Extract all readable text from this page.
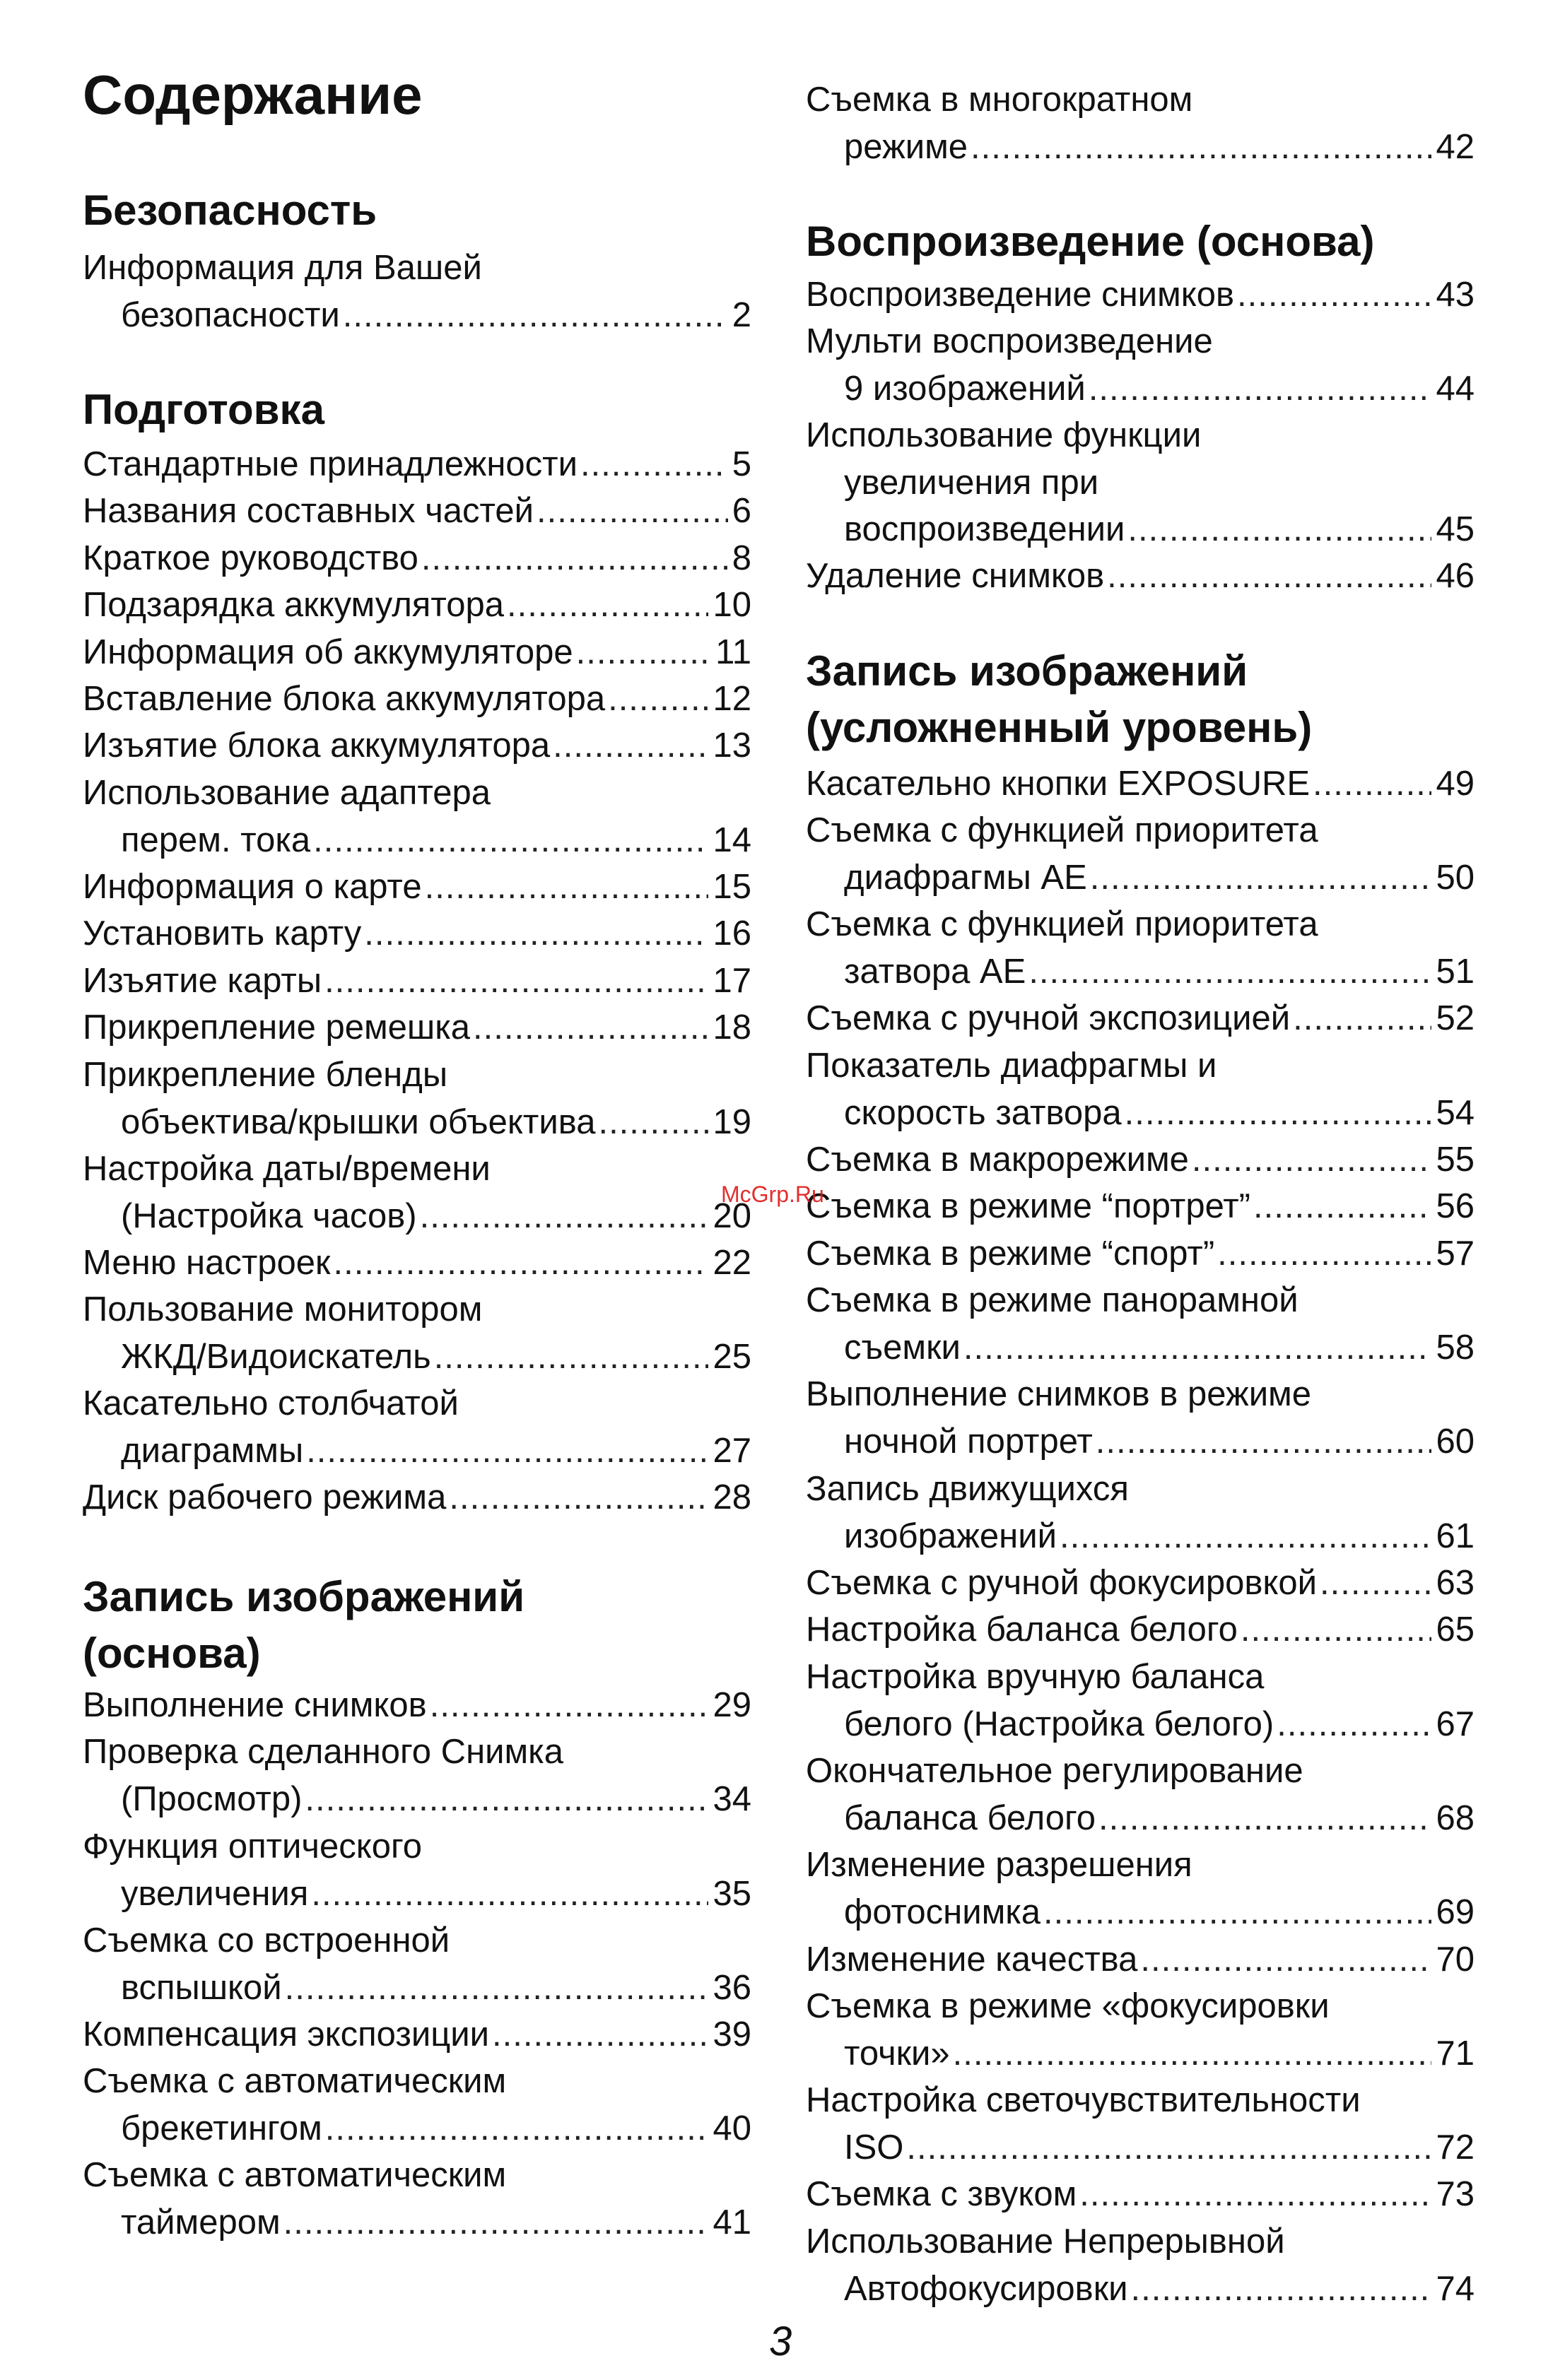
Содержание
Безопасность
Информация для Вашей
безопасности .....	2
Подготовка
Стандартные принадлежности .....	5
Названия составных частей .....	6
Краткое руководство .....	8
Подзарядка аккумулятора .....	10
Информация об аккумуляторе .....	11
Вставление блока аккумулятора .....	12
Изъятие блока аккумулятора .....	13
Использование адаптера
перем. тока .....	14
Информация о карте .....	15
Установить карту .....	16
Изъятие карты .....	17
Прикрепление ремешка .....	18
Прикрепление бленды
объектива/крышки объектива .....	19
Настройка даты/времени
(Настройка часов) .....	20
Меню настроек .....	22
Пользование монитором
ЖКД/Видоискатель .....	25
Касательно столбчатой
диаграммы .....	27
Диск рабочего режима .....	28
Запись изображений
(основа)
Выполнение снимков .....	29
Проверка сделанного Снимка
(Просмотр) .....	34
Функция оптического
увеличения .....	35
Съемка со встроенной
вспышкой .....	36
Компенсация экспозиции .....	39
Съемка с автоматическим
брекетингом .....	40
Съемка с автоматическим
таймером .....	41
Съемка в многократном
режиме .....	42
Воспроизведение (основа)
Воспроизведение снимков .....	43
Мульти воспроизведение
9 изображений .....	44
Использование функции
увеличения при
воспроизведении .....	45
Удаление снимков .....	46
Запись изображений
(усложненный уровень)
Касательно кнопки EXPOSURE .....	49
Съемка с функцией приоритета
диафрагмы AE .....	50
Съемка с функцией приоритета
затвора AE .....	51
Съемка с ручной экспозицией .....	52
Показатель диафрагмы и
скорость затвора .....	54
Съемка в макрорежиме .....	55
Съемка в режиме “портрет” .....	56
Съемка в режиме “спорт” .....	57
Съемка в режиме панорамной
съемки .....	58
Выполнение снимков в режиме
ночной портрет .....	60
Запись движущихся
изображений .....	61
Съемка с ручной фокусировкой .....	63
Настройка баланса белого .....	65
Настройка вручную баланса
белого (Настройка белого) .....	67
Окончательное регулирование
баланса белого .....	68
Изменение разрешения
фотоснимка .....	69
Изменение качества .....	70
Съемка в режиме «фокусировки
точки» .....	71
Настройка светочувствительности
ISO .....	72
Съемка с звуком .....	73
Использование Непрерывной
Автофокусировки .....	74
McGrp.Ru
3
